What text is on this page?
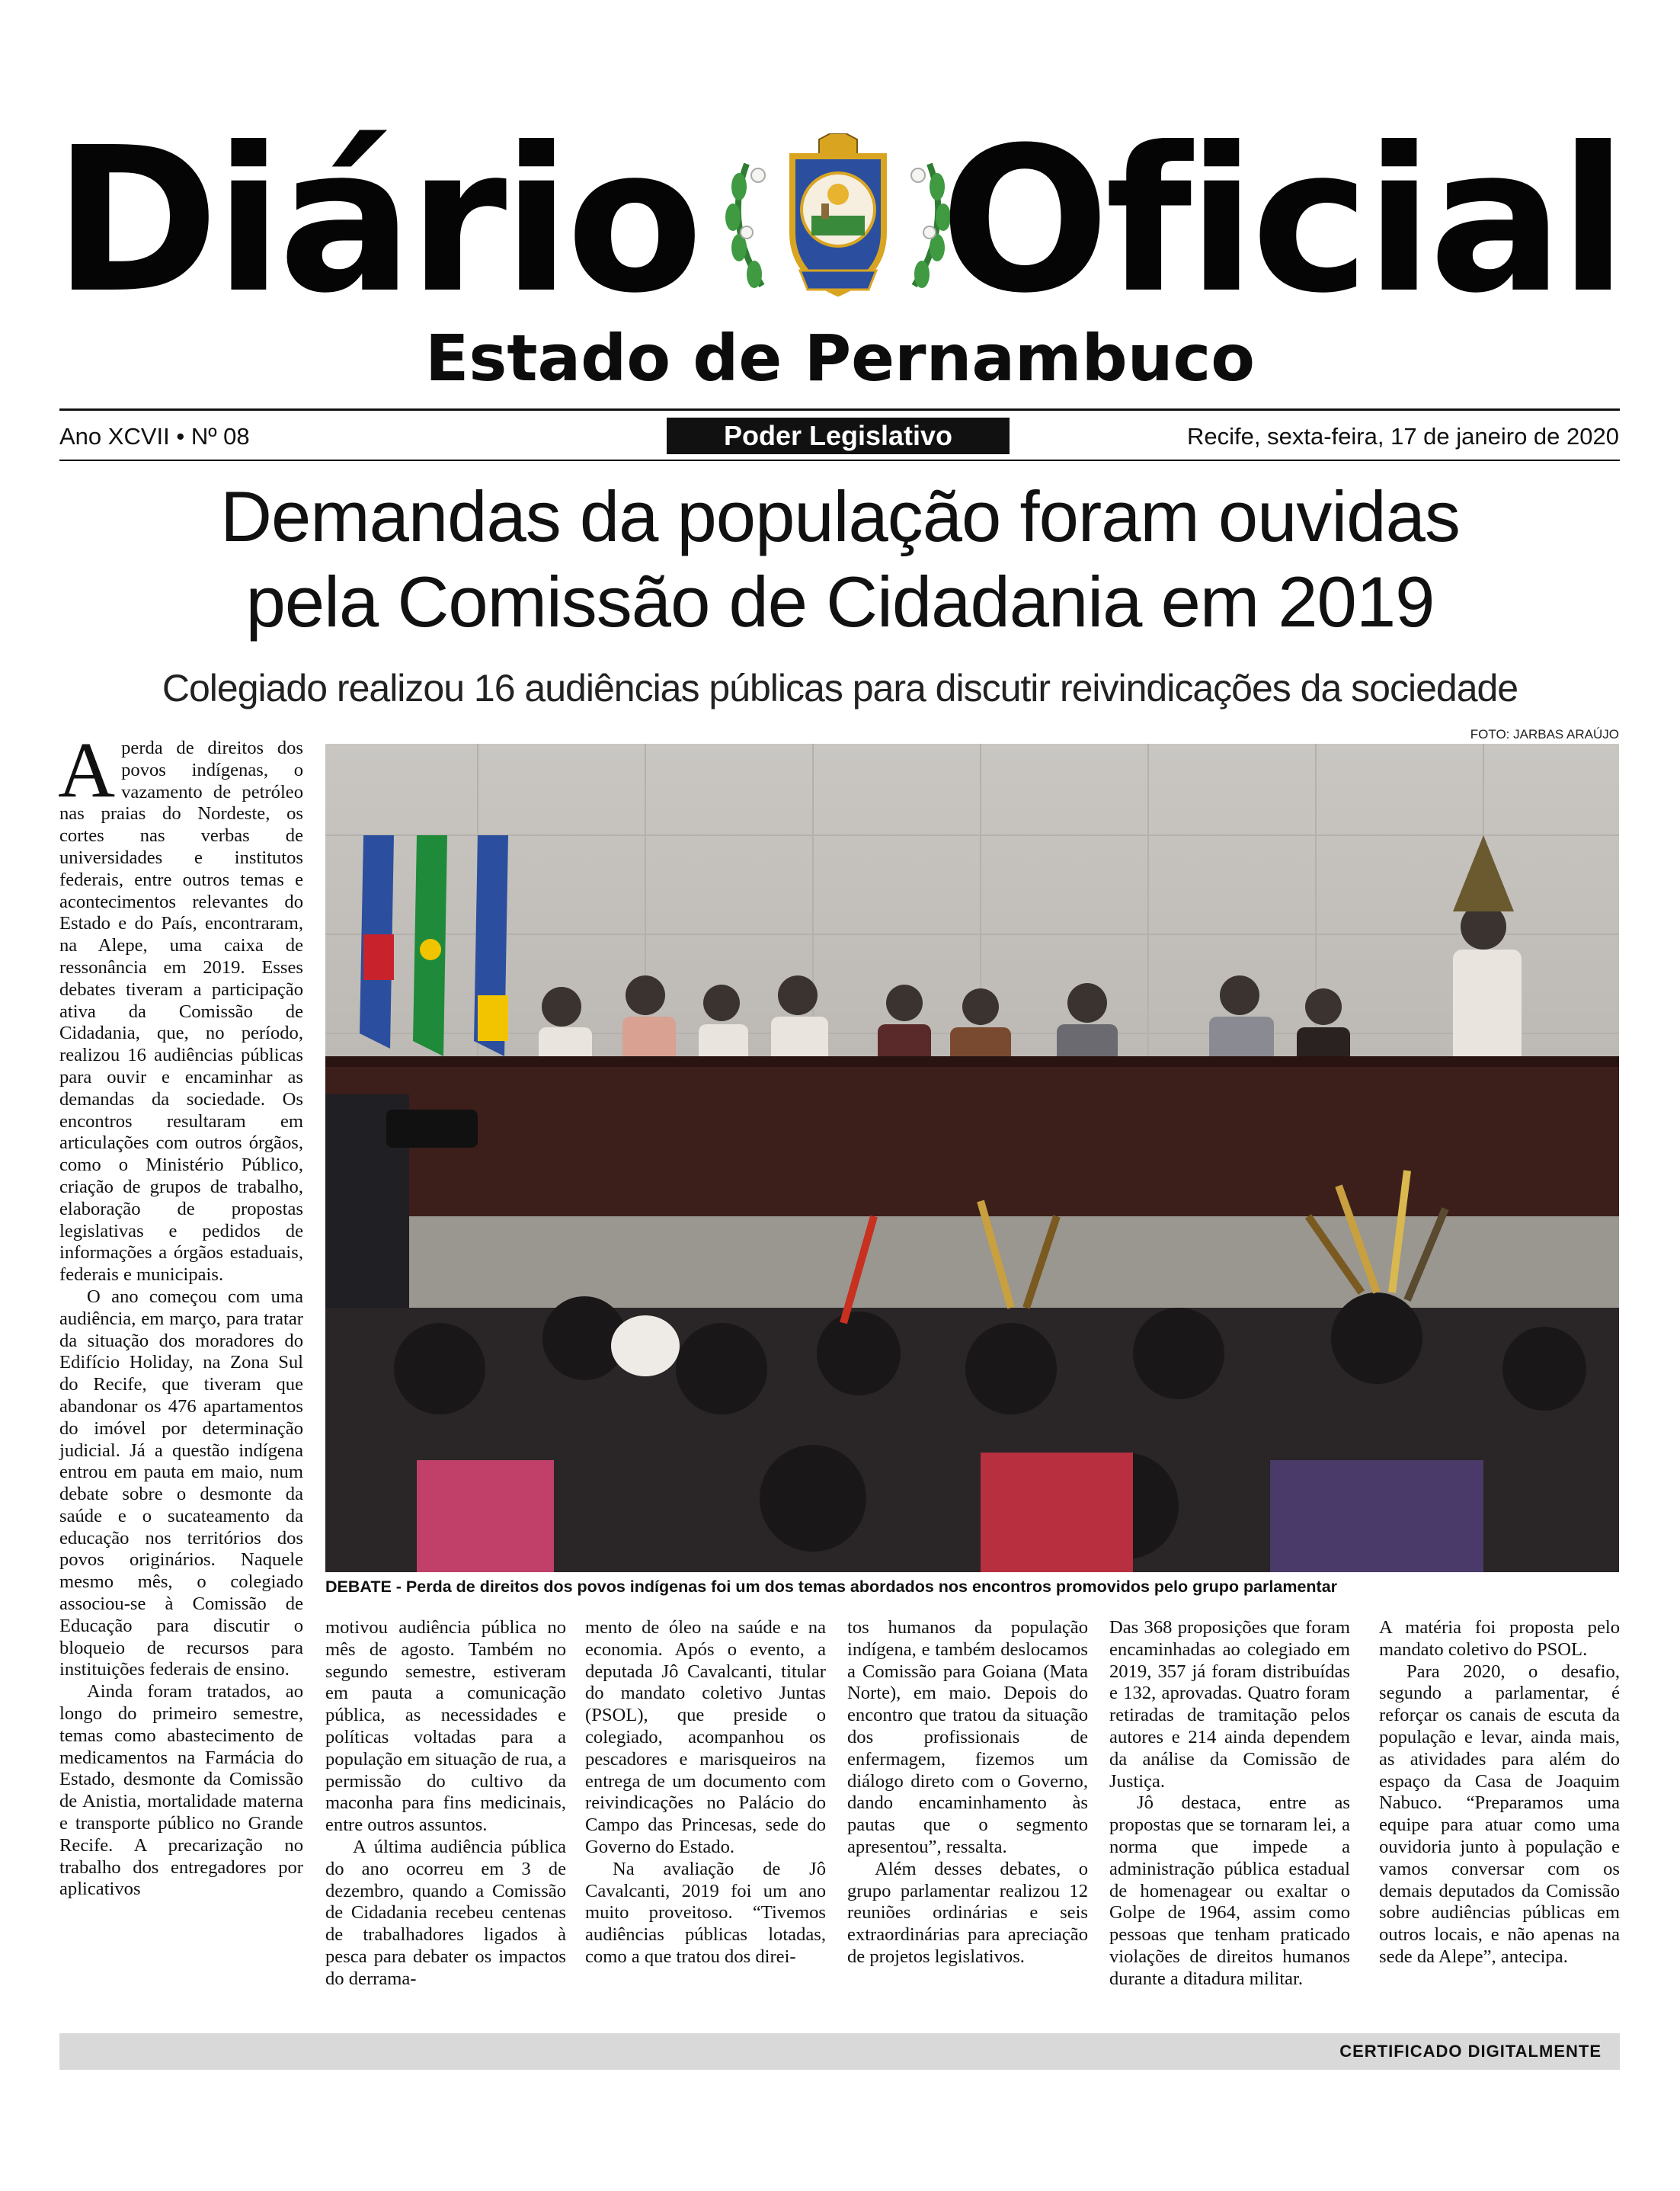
Diário Oficial
Estado de Pernambuco
Ano XCVII • Nº 08	Poder Legislativo	Recife, sexta-feira, 17 de janeiro de 2020
Demandas da população foram ouvidas
pela Comissão de Cidadania em 2019
Colegiado realizou 16 audiências públicas para discutir reivindicações da sociedade
FOTO: JARBAS ARAÚJO
DEBATE - Perda de direitos dos povos indígenas foi um dos temas abordados nos encontros promovidos pelo grupo parlamentar

Aperda de direitos dos povos indígenas, o vazamento de petróleo nas praias do Nordeste, os cortes nas verbas de universidades e institutos federais, entre outros temas e acontecimentos relevantes do Estado e do País, encontraram, na Alepe, uma caixa de ressonância em 2019. Esses debates tiveram a participação ativa da Comissão de Cidadania, que, no período, realizou 16 audiências públicas para ouvir e encaminhar as demandas da sociedade. Os encontros resultaram em articulações com outros órgãos, como o Ministério Público, criação de grupos de trabalho, elaboração de propostas legislativas e pedidos de informações a órgãos estaduais, federais e municipais.

O ano começou com uma audiência, em março, para tratar da situação dos moradores do Edifício Holiday, na Zona Sul do Recife, que tiveram que abandonar os 476 apartamentos do imóvel por determinação judicial. Já a questão indígena entrou em pauta em maio, num debate sobre o desmonte da saúde e o sucateamento da educação nos territórios dos povos originários. Naquele mesmo mês, o colegiado associou-se à Comissão de Educação para discutir o bloqueio de recursos para instituições federais de ensino.

Ainda foram tratados, ao longo do primeiro semestre, temas como abastecimento de medicamentos na Farmácia do Estado, desmonte da Comissão de Anistia, mortalidade materna e transporte público no Grande Recife. A precarização no trabalho dos entregadores por aplicativos

motivou audiência pública no mês de agosto. Também no segundo semestre, estiveram em pauta a comunicação pública, as necessidades e políticas voltadas para a população em situação de rua, a permissão do cultivo da maconha para fins medicinais, entre outros assuntos.

A última audiência pública do ano ocorreu em 3 de dezembro, quando a Comissão de Cidadania recebeu centenas de trabalhadores ligados à pesca para debater os impactos do derrama-

mento de óleo na saúde e na economia. Após o evento, a deputada Jô Cavalcanti, titular do mandato coletivo Juntas (PSOL), que preside o colegiado, acompanhou os pescadores e marisqueiros na entrega de um documento com reivindicações no Palácio do Campo das Princesas, sede do Governo do Estado.

Na avaliação de Jô Cavalcanti, 2019 foi um ano muito proveitoso. “Tivemos audiências públicas lotadas, como a que tratou dos direi-

tos humanos da população indígena, e também deslocamos a Comissão para Goiana (Mata Norte), em maio. Depois do encontro que tratou da situação dos profissionais de enfermagem, fizemos um diálogo direto com o Governo, dando encaminhamento às pautas que o segmento apresentou”, ressalta.

Além desses debates, o grupo parlamentar realizou 12 reuniões ordinárias e seis extraordinárias para apreciação de projetos legislativos.

Das 368 proposições que foram encaminhadas ao colegiado em 2019, 357 já foram distribuídas e 132, aprovadas. Quatro foram retiradas de tramitação pelos autores e 214 ainda dependem da análise da Comissão de Justiça.

Jô destaca, entre as propostas que se tornaram lei, a norma que impede a administração pública estadual de homenagear ou exaltar o Golpe de 1964, assim como pessoas que tenham praticado violações de direitos humanos durante a ditadura militar.

A matéria foi proposta pelo mandato coletivo do PSOL.

Para 2020, o desafio, segundo a parlamentar, é reforçar os canais de escuta da população e levar, ainda mais, as atividades para além do espaço da Casa de Joaquim Nabuco. “Preparamos uma equipe para atuar como uma ouvidoria junto à população e vamos conversar com os demais deputados da Comissão sobre audiências públicas em outros locais, e não apenas na sede da Alepe”, antecipa.

CERTIFICADO DIGITALMENTE
